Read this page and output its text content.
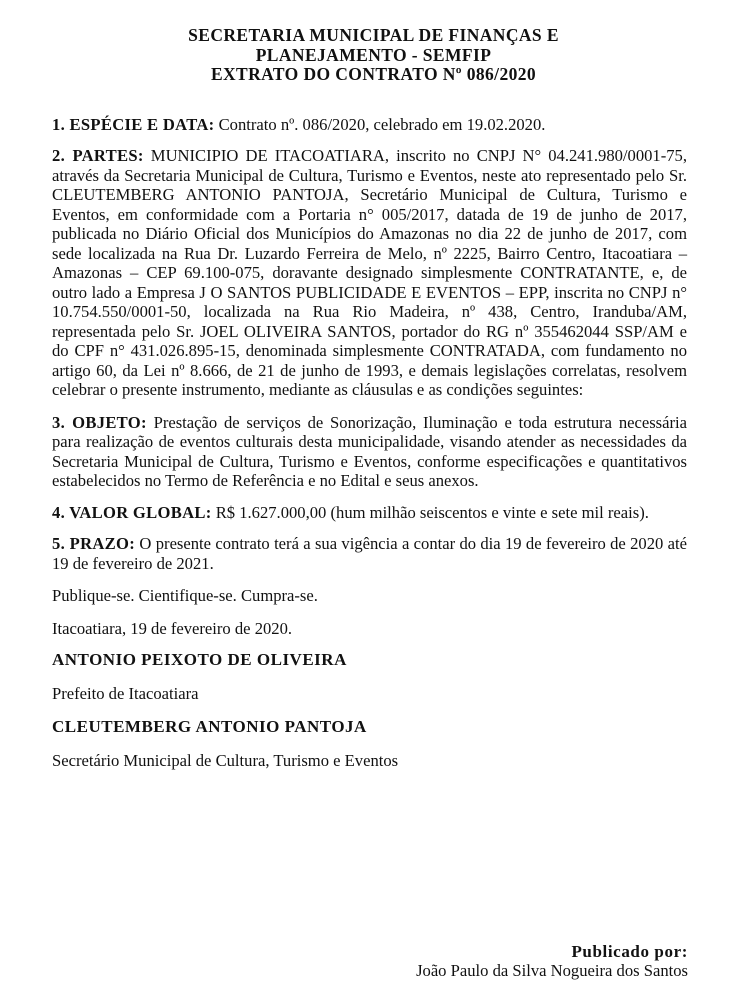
SECRETARIA MUNICIPAL DE FINANÇAS E
PLANEJAMENTO - SEMFIP
EXTRATO DO CONTRATO Nº 086/2020

1. ESPÉCIE E DATA: Contrato nº. 086/2020, celebrado em 19.02.2020.

2. PARTES: MUNICIPIO DE ITACOATIARA, inscrito no CNPJ N° 04.241.980/0001-75, através da Secretaria Municipal de Cultura, Turismo e Eventos, neste ato representado pelo Sr. CLEUTEMBERG ANTONIO PANTOJA, Secretário Municipal de Cultura, Turismo e Eventos, em conformidade com a Portaria n° 005/2017, datada de 19 de junho de 2017, publicada no Diário Oficial dos Municípios do Amazonas no dia 22 de junho de 2017, com sede localizada na Rua Dr. Luzardo Ferreira de Melo, nº 2225, Bairro Centro, Itacoatiara – Amazonas – CEP 69.100-075, doravante designado simplesmente CONTRATANTE, e, de outro lado a Empresa J O SANTOS PUBLICIDADE E EVENTOS – EPP, inscrita no CNPJ n° 10.754.550/0001-50, localizada na Rua Rio Madeira, nº 438, Centro, Iranduba/AM, representada pelo Sr. JOEL OLIVEIRA SANTOS, portador do RG nº 355462044 SSP/AM e do CPF n° 431.026.895-15, denominada simplesmente CONTRATADA, com fundamento no artigo 60, da Lei nº 8.666, de 21 de junho de 1993, e demais legislações correlatas, resolvem celebrar o presente instrumento, mediante as cláusulas e as condições seguintes:

3. OBJETO: Prestação de serviços de Sonorização, Iluminação e toda estrutura necessária para realização de eventos culturais desta municipalidade, visando atender as necessidades da Secretaria Municipal de Cultura, Turismo e Eventos, conforme especificações e quantitativos estabelecidos no Termo de Referência e no Edital e seus anexos.

4. VALOR GLOBAL: R$ 1.627.000,00 (hum milhão seiscentos e vinte e sete mil reais).

5. PRAZO: O presente contrato terá a sua vigência a contar do dia 19 de fevereiro de 2020 até 19 de fevereiro de 2021.

Publique-se. Cientifique-se. Cumpra-se.

Itacoatiara, 19 de fevereiro de 2020.

ANTONIO PEIXOTO DE OLIVEIRA

Prefeito de Itacoatiara

CLEUTEMBERG ANTONIO PANTOJA

Secretário Municipal de Cultura, Turismo e Eventos

Publicado por:
João Paulo da Silva Nogueira dos Santos
